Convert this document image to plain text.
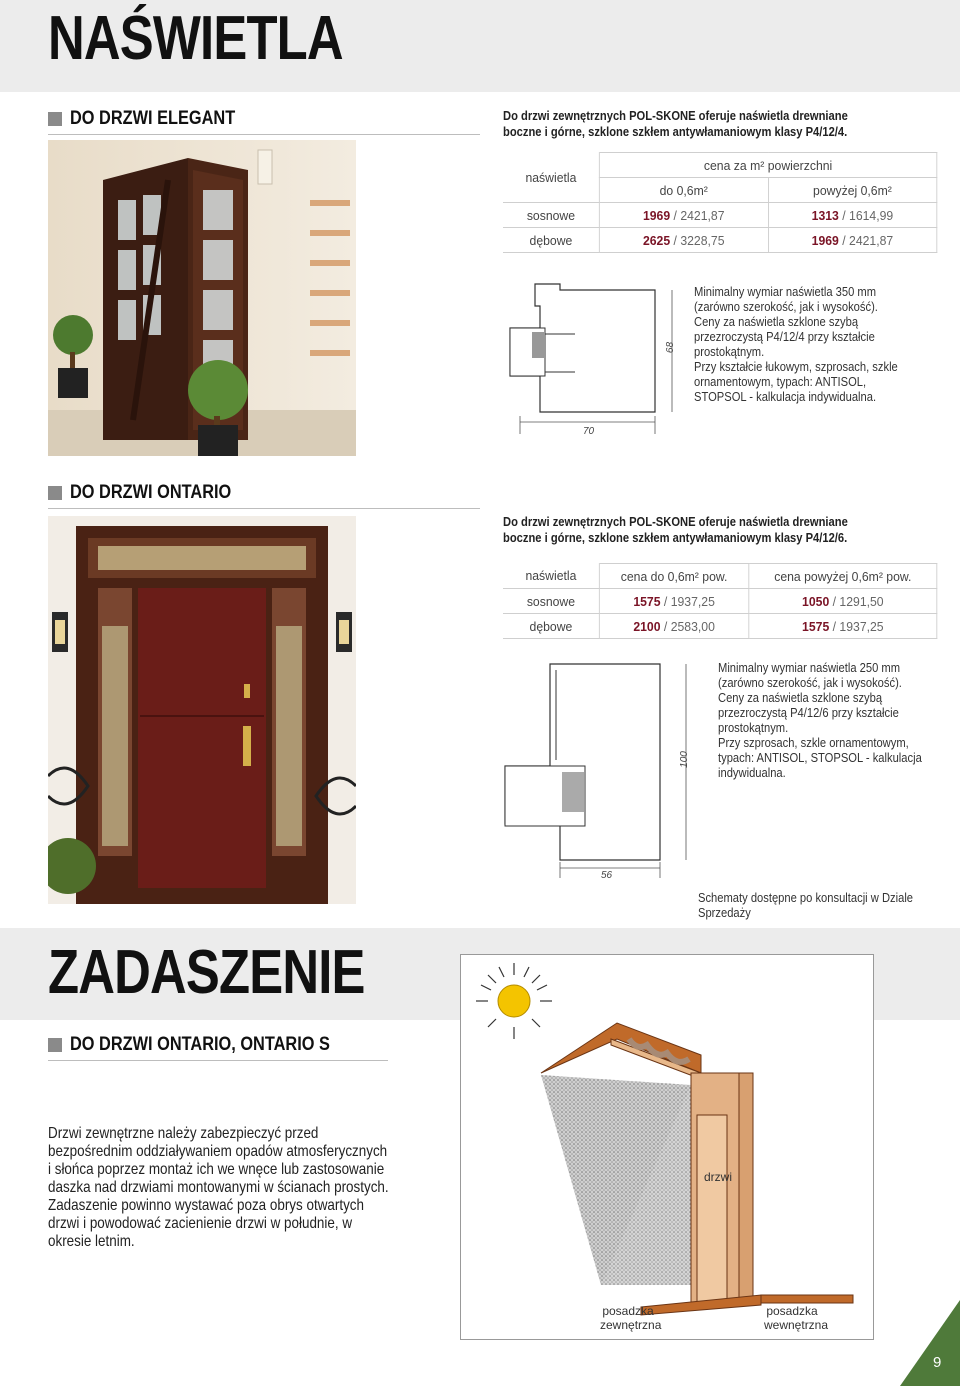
NAŚWIETLA
DO DRZWI ELEGANT	Do drzwi zewnętrznych POL-SKONE oferuje naświetla drewniane boczne i górne, szklone szkłem antywłamaniowym klasy P4/12/4.
naświetla	cena za m² powierzchni	
	do 0,6m²	powyżej 0,6m²
sosnowe	1969 / 2421,87	1313 / 1614,99
dębowe	2625 / 3228,75	1969 / 2421,87
68
70
Minimalny wymiar naświetla 350 mm (zarówno szerokość, jak i wysokość).
Ceny za naświetla szklone szybą przezroczystą P4/12/4 przy kształcie prostokątnym.
Przy kształcie łukowym, szprosach, szkle ornamentowym, typach: ANTISOL, STOPSOL - kalkulacja indywidualna.
DO DRZWI ONTARIO
Do drzwi zewnętrznych POL-SKONE oferuje naświetla drewniane boczne i górne, szklone szkłem antywłamaniowym klasy P4/12/6.
naświetla	cena do 0,6m² pow.	cena powyżej 0,6m² pow.
sosnowe	1575 / 1937,25	1050 / 1291,50
dębowe	2100 / 2583,00	1575 / 1937,25
100
56
Minimalny wymiar naświetla 250 mm (zarówno szerokość, jak i wysokość).
Ceny za naświetla szklone szybą przezroczystą P4/12/6 przy kształcie prostokątnym.
Przy szprosach, szkle ornamentowym, typach: ANTISOL, STOPSOL - kalkulacja indywidualna.
Schematy dostępne po konsultacji w Dziale Sprzedaży
ZADASZENIE
DO DRZWI ONTARIO, ONTARIO S
Drzwi zewnętrzne należy zabezpieczyć przed bezpośrednim oddziaływaniem opadów atmosferycznych i słońca poprzez montaż ich we wnęce lub zastosowanie daszka nad drzwiami montowanymi w ścianach prostych. Zadaszenie powinno wystawać poza obrys otwartych drzwi i powodować zacienienie drzwi w południe, w okresie letnim.
drzwi
posadzka
zewnętrzna
posadzka
wewnętrzna
9
